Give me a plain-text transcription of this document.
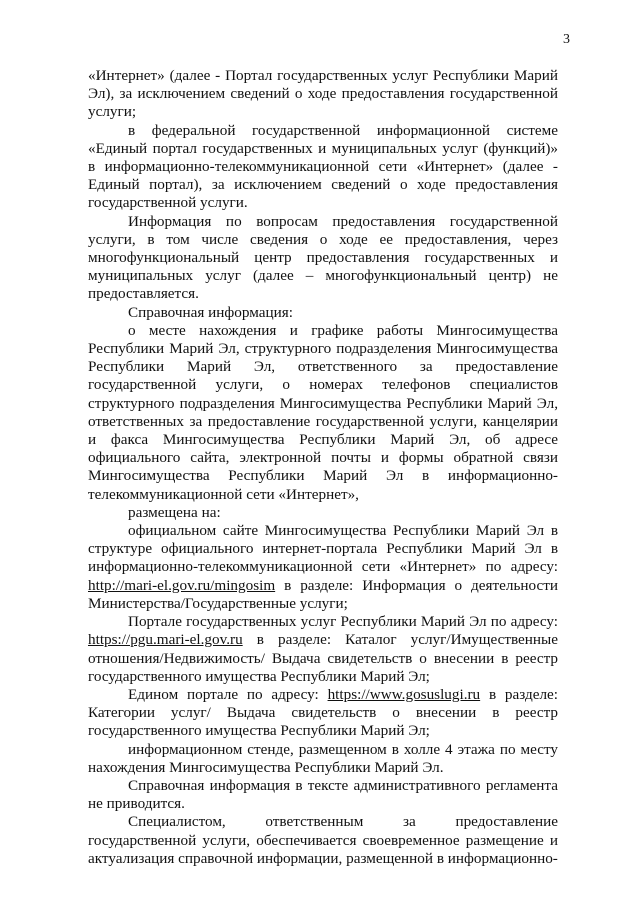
3

«Интернет» (далее - Портал государственных услуг Республики Марий Эл), за исключением сведений о ходе предоставления государственной услуги;

в федеральной государственной информационной системе «Единый портал государственных и муниципальных услуг (функций)» в информационно-телекоммуникационной сети «Интернет» (далее - Единый портал), за исключением сведений о ходе предоставления государственной услуги.

Информация по вопросам предоставления государственной услуги, в том числе сведения о ходе ее предоставления, через многофункциональный центр предоставления государственных и муниципальных услуг (далее – многофункциональный центр) не предоставляется.

Справочная информация:

о месте нахождения и графике работы Мингосимущества Республики Марий Эл, структурного подразделения Мингосимущества Республики Марий Эл, ответственного за предоставление государственной услуги, о номерах телефонов специалистов структурного подразделения Мингосимущества Республики Марий Эл, ответственных за предоставление государственной услуги, канцелярии и факса Мингосимущества Республики Марий Эл, об адресе официального сайта, электронной почты и формы обратной связи Мингосимущества Республики Марий Эл в информационно-телекоммуникационной сети «Интернет»,

размещена на:

официальном сайте Мингосимущества Республики Марий Эл в структуре официального интернет-портала Республики Марий Эл в информационно-телекоммуникационной сети «Интернет» по адресу: http://mari-el.gov.ru/mingosim в разделе: Информация о деятельности Министерства/Государственные услуги;

Портале государственных услуг Республики Марий Эл по адресу: https://pgu.mari-el.gov.ru в разделе: Каталог услуг/Имущественные отношения/Недвижимость/ Выдача свидетельств о внесении в реестр государственного имущества Республики Марий Эл;

Едином портале по адресу: https://www.gosuslugi.ru в разделе: Категории услуг/ Выдача свидетельств о внесении в реестр государственного имущества Республики Марий Эл;

информационном стенде, размещенном в холле 4 этажа по месту нахождения Мингосимущества Республики Марий Эл.

Справочная информация в тексте административного регламента не приводится.

Специалистом, ответственным за предоставление государственной услуги, обеспечивается своевременное размещение и актуализация справочной информации, размещенной в информационно-
